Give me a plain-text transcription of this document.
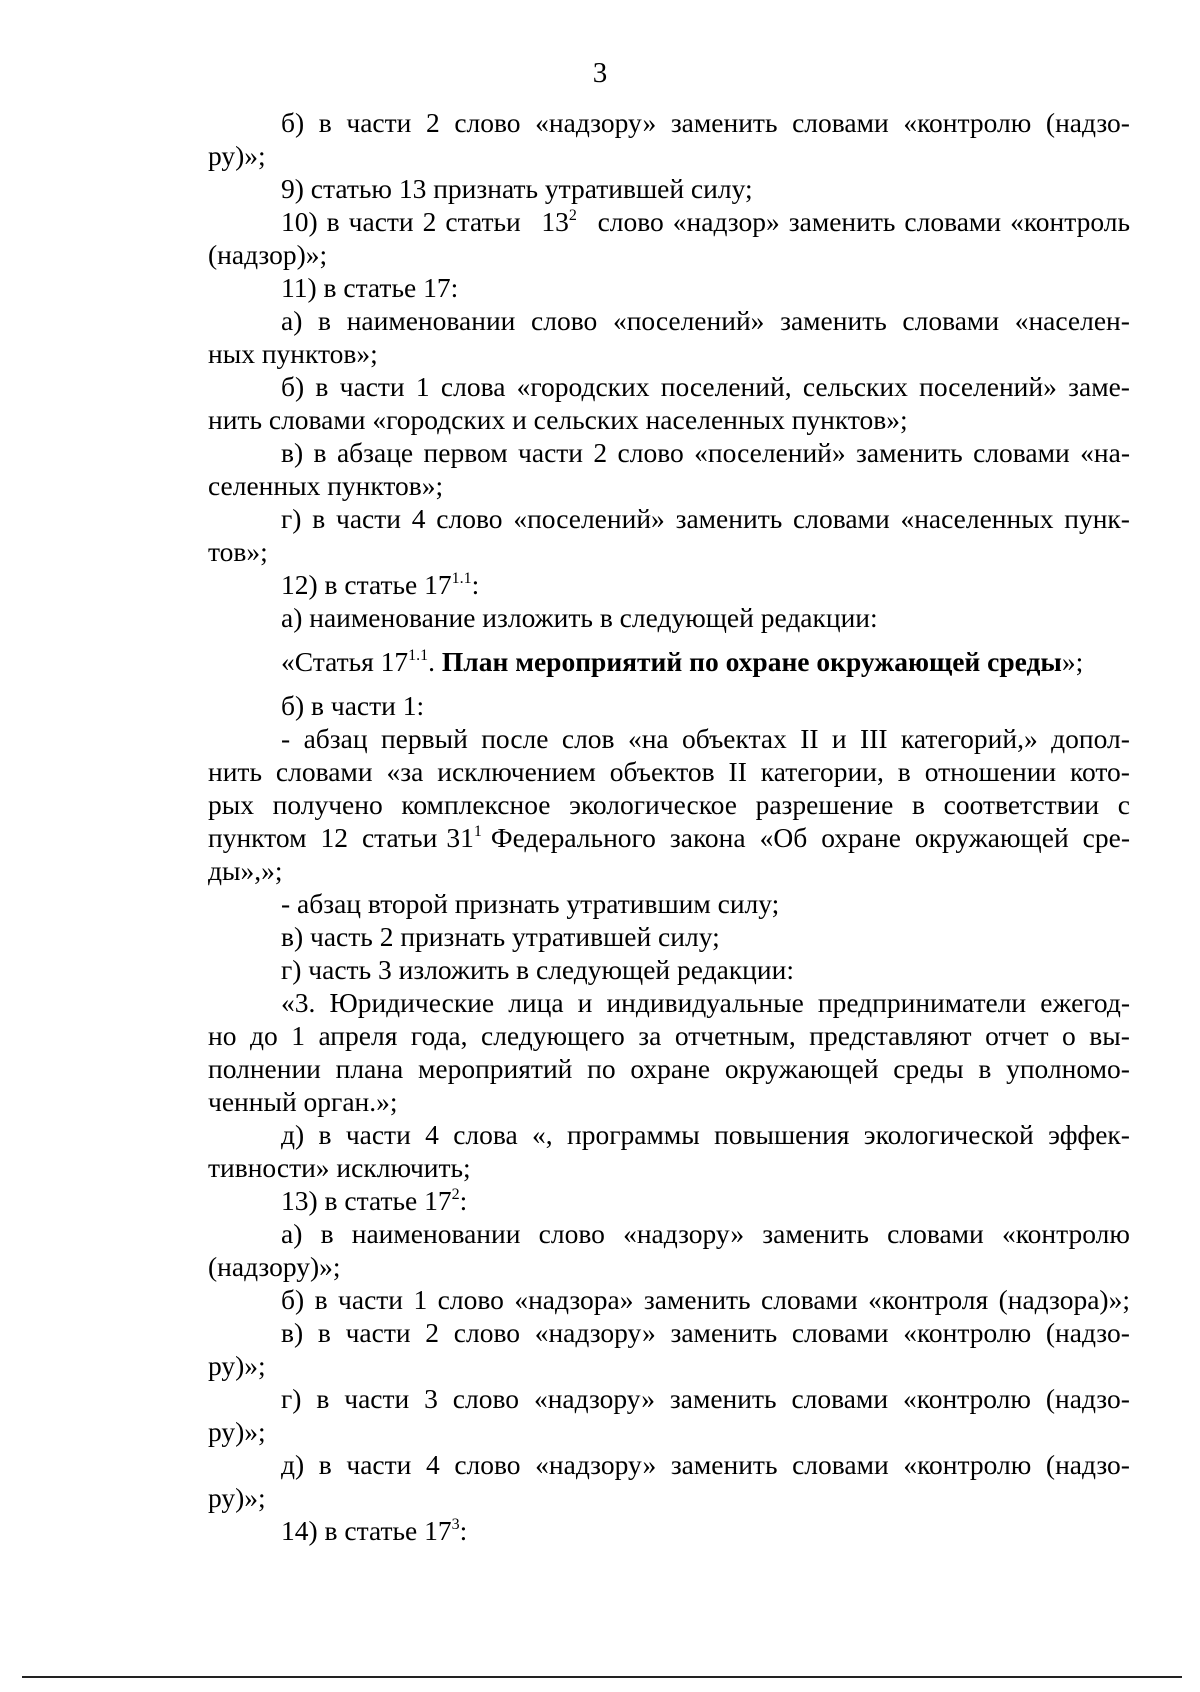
3
б) в части 2 слово «надзору» заменить словами «контролю (надзо-
ру)»;
9) статью 13 признать утратившей силу;
10) в части 2 статьи $13^2$ слово «надзор» заменить словами «контроль
(надзор)»;
11) в статье 17:
а) в наименовании слово «поселений» заменить словами «населен-
ных пунктов»;
б) в части 1 слова «городских поселений, сельских поселений» заме-
нить словами «городских и сельских населенных пунктов»;
в) в абзаце первом части 2 слово «поселений» заменить словами «на-
селенных пунктов»;
г) в части 4 слово «поселений» заменить словами «населенных пунк-
тов»;
12) в статье $17^{1.1}$:
а) наименование изложить в следующей редакции:
«Статья $17^{1.1}$. План мероприятий по охране окружающей среды»;
б) в части 1:
- абзац первый после слов «на объектах II и III категорий,» допол-
нить словами «за исключением объектов II категории, в отношении кото-
рых получено комплексное экологическое разрешение в соответствии с
пунктом 12 статьи $31^1$ Федерального закона «Об охране окружающей сре-
ды»,»;
- абзац второй признать утратившим силу;
в) часть 2 признать утратившей силу;
г) часть 3 изложить в следующей редакции:
«3. Юридические лица и индивидуальные предприниматели ежегод-
но до 1 апреля года, следующего за отчетным, представляют отчет о вы-
полнении плана мероприятий по охране окружающей среды в уполномо-
ченный орган.»;
д) в части 4 слова «, программы повышения экологической эффек-
тивности» исключить;
13) в статье $17^2$:
а) в наименовании слово «надзору» заменить словами «контролю
(надзору)»;
б) в части 1 слово «надзора» заменить словами «контроля (надзора)»;
в) в части 2 слово «надзору» заменить словами «контролю (надзо-
ру)»;
г) в части 3 слово «надзору» заменить словами «контролю (надзо-
ру)»;
д) в части 4 слово «надзору» заменить словами «контролю (надзо-
ру)»;
14) в статье $17^3$:
